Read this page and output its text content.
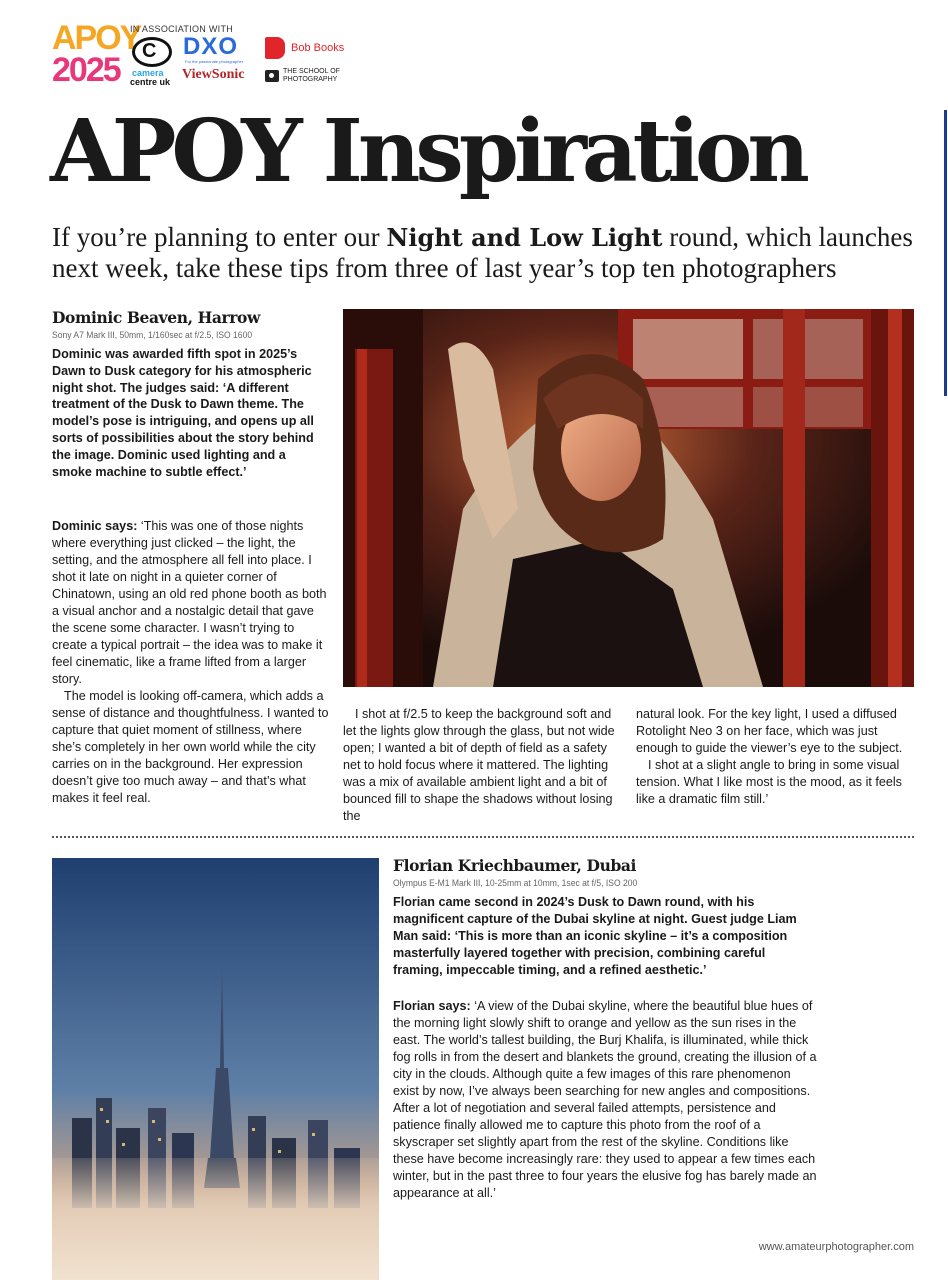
APOY
2025
IN ASSOCIATION WITH
C
camera
centre uk
DXO
For the passionate photographer
Bob Books
ViewSonic	THE SCHOOL OF PHOTOGRAPHY
APOY Inspiration

If you’re planning to enter our Night and Low Light round, which launches next week, take these tips from three of last year’s top ten photographers

Dominic Beaven, Harrow
Sony A7 Mark III, 50mm, 1/160sec at f/2.5, ISO 1600

Dominic was awarded fifth spot in 2025’s Dawn to Dusk category for his atmospheric night shot. The judges said: ‘A different treatment of the Dusk to Dawn theme. The model’s pose is intriguing, and opens up all sorts of possibilities about the story behind the image. Dominic used lighting and a smoke machine to subtle effect.’

Dominic says: ‘This was one of those nights where everything just clicked – the light, the setting, and the atmosphere all fell into place. I shot it late on night in a quieter corner of Chinatown, using an old red phone booth as both a visual anchor and a nostalgic detail that gave the scene some character. I wasn’t trying to create a typical portrait – the idea was to make it feel cinematic, like a frame lifted from a larger story.

The model is looking off-camera, which adds a sense of distance and thoughtfulness. I wanted to capture that quiet moment of stillness, where she’s completely in her own world while the city carries on in the background. Her expression doesn’t give too much away – and that’s what makes it feel real.

I shot at f/2.5 to keep the background soft and let the lights glow through the glass, but not wide open; I wanted a bit of depth of field as a safety net to hold focus where it mattered. The lighting was a mix of available ambient light and a bit of bounced fill to shape the shadows without losing the

natural look. For the key light, I used a diffused Rotolight Neo 3 on her face, which was just enough to guide the viewer’s eye to the subject.

I shot at a slight angle to bring in some visual tension. What I like most is the mood, as it feels like a dramatic film still.’

Florian Kriechbaumer, Dubai
Olympus E-M1 Mark III, 10-25mm at 10mm, 1sec at f/5, ISO 200

Florian came second in 2024’s Dusk to Dawn round, with his magnificent capture of the Dubai skyline at night. Guest judge Liam Man said: ‘This is more than an iconic skyline – it’s a composition masterfully layered together with precision, combining careful framing, impeccable timing, and a refined aesthetic.’

Florian says: ‘A view of the Dubai skyline, where the beautiful blue hues of the morning light slowly shift to orange and yellow as the sun rises in the east. The world’s tallest building, the Burj Khalifa, is illuminated, while thick fog rolls in from the desert and blankets the ground, creating the illusion of a city in the clouds. Although quite a few images of this rare phenomenon exist by now, I’ve always been searching for new angles and compositions. After a lot of negotiation and several failed attempts, persistence and patience finally allowed me to capture this photo from the roof of a skyscraper set slightly apart from the rest of the skyline. Conditions like these have become increasingly rare: they used to appear a few times each winter, but in the past three to four years the elusive fog has barely made an appearance at all.’

www.amateurphotographer.com
